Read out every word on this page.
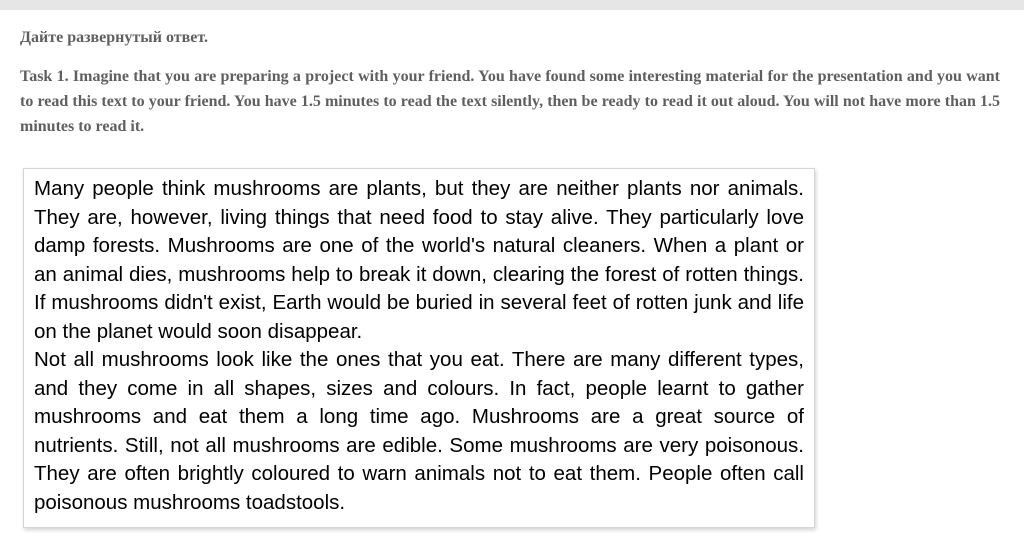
Дайте развернутый ответ.

Task 1. Imagine that you are preparing a project with your friend. You have found some interesting material for the presentation and you want to read this text to your friend. You have 1.5 minutes to read the text silently, then be ready to read it out aloud. You will not have more than 1.5 minutes to read it.

Many people think mushrooms are plants, but they are neither plants nor animals. They are, however, living things that need food to stay alive. They particularly love damp forests. Mushrooms are one of the world's natural cleaners. When a plant or an animal dies, mushrooms help to break it down, clearing the forest of rotten things. If mushrooms didn't exist, Earth would be buried in several feet of rotten junk and life on the planet would soon disappear.

Not all mushrooms look like the ones that you eat. There are many different types, and they come in all shapes, sizes and colours. In fact, people learnt to gather mushrooms and eat them a long time ago. Mushrooms are a great source of nutrients. Still, not all mushrooms are edible. Some mushrooms are very poisonous. They are often brightly coloured to warn animals not to eat them. People often call poisonous mushrooms toadstools.
